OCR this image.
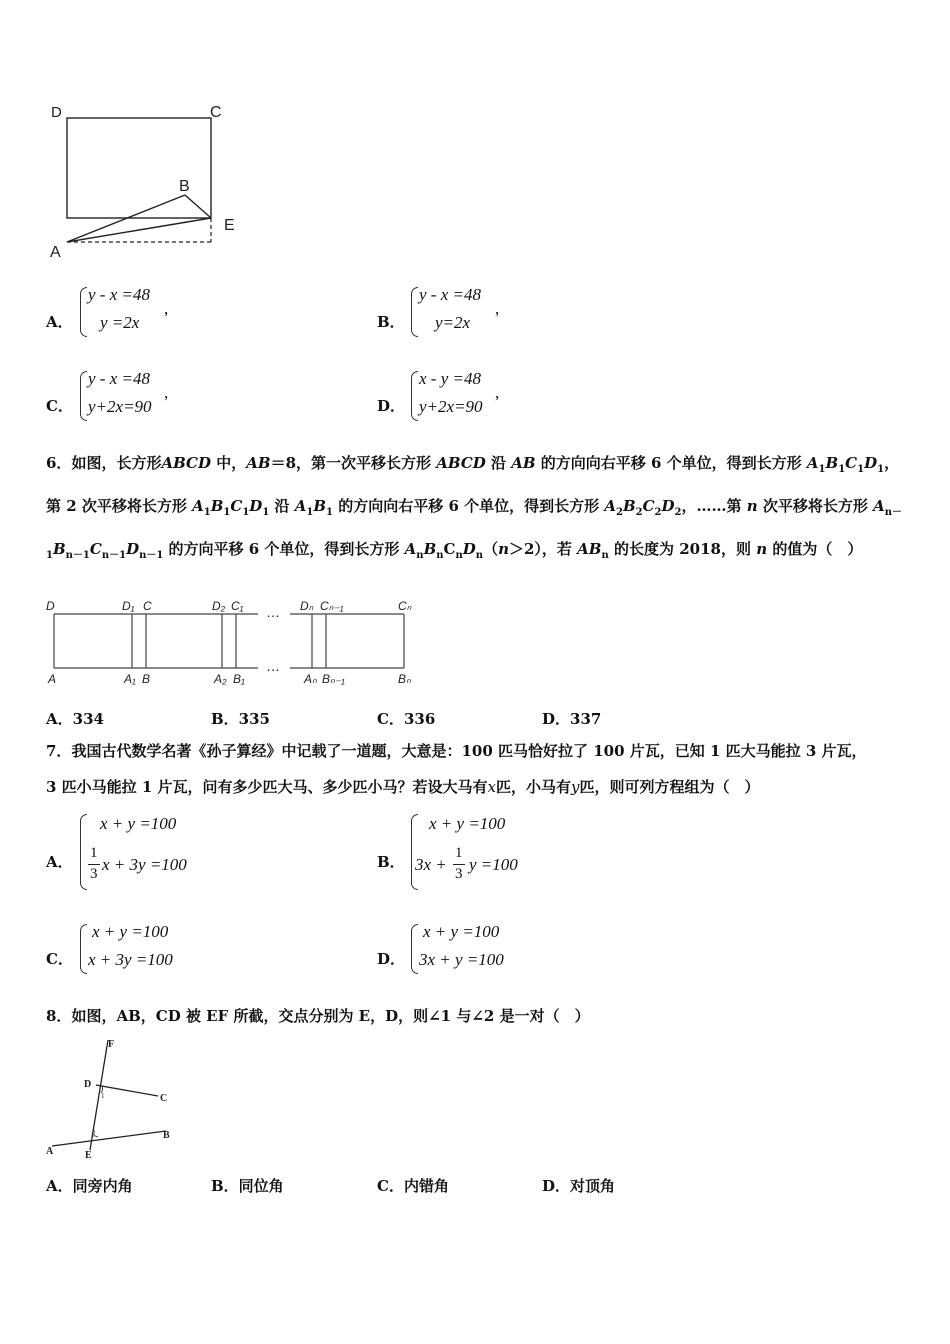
D	C
B
E
A
A．
y - x =48
y =2x
,
B．
y - x =48
y=2x
,
C．
y - x =48
y+2x=90
,
D．
x - y =48
y+2x=90
,
6．如图，长方形ABCD 中，AB＝8，第一次平移长方形 ABCD 沿 AB 的方向向右平移 6 个单位，得到长方形 $A_1B_1C_1D_1$，第 2 次平移将长方形 $A_1B_1C_1D_1$ 沿 $A_1B_1$ 的方向向右平移 6 个单位，得到长方形 $A_2B_2C_2D_2$，……第 n 次平移将长方形 $A_{n-1}B_{n-1}C_{n-1}D_{n-1}$ 的方向平移 6 个单位，得到长方形 $A_nB_nC_nD_n(n>2)$，若 $AB_n$ 的长度为 2018，则 n 的值为（　）
D	D₁ C	D₂ C₁	Dₙ Cₙ₋₁	Cₙ
A	A₁ B	A₂ B₁	Aₙ Bₙ₋₁	Bₙ
…
…
A．334	B．335	C．336	D．337
7．我国古代数学名著《孙子算经》中记载了一道题，大意是：100 匹马恰好拉了 100 片瓦，已知 1 匹大马能拉 3 片瓦，
3 匹小马能拉 1 片瓦，问有多少匹大马、多少匹小马？若设大马有x匹，小马有y匹，则可列方程组为（　）
A．
x + y =100
1
3 x + 3y =100	B．
x + y =100
3x +
1
3 y =100
C．
x + y =100
x + 3y =100	D．
x + y =100
3x + y =100
8．如图，AB，CD 被 EF 所截，交点分别为 E，D，则∠1 与∠2 是一对（　）
F
D
C
A	E
B
1
2
A．同旁内角	B．同位角	C．内错角	D．对顶角
